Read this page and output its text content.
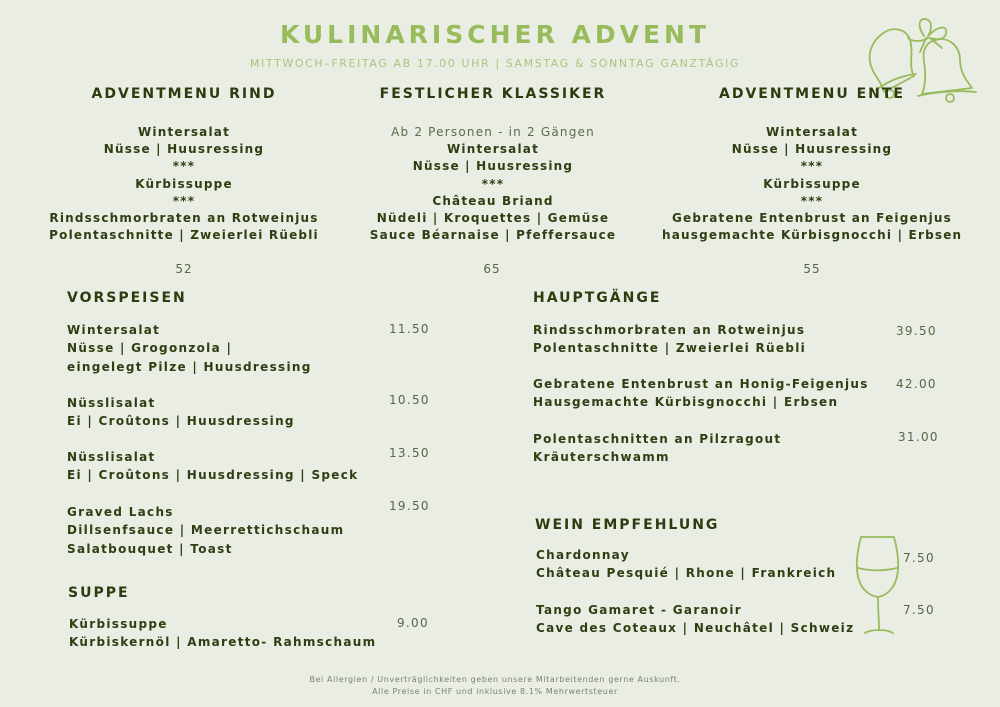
KULINARISCHER ADVENT
MITTWOCH–FREITAG AB 17.00 UHR | SAMSTAG & SONNTAG GANZTÄGIG
ADVENTMENU RIND	FESTLICHER KLASSIKER	ADVENTMENU ENTE
Wintersalat
Nüsse | Huusressing
***
Kürbissuppe
***
Rindsschmorbraten an Rotweinjus
Polentaschnitte | Zweierlei Rüebli
Ab 2 Personen - in 2 Gängen
Wintersalat
Nüsse | Huusressing
***
Château Briand
Nüdeli | Kroquettes | Gemüse
Sauce Béarnaise | Pfeffersauce
Wintersalat
Nüsse | Huusressing
***
Kürbissuppe
***
Gebratene Entenbrust an Feigenjus
hausgemachte Kürbisgnocchi | Erbsen
52	65	55
VORSPEISEN
Wintersalat
Nüsse | Grogonzola |
eingelegt Pilze | Huusdressing
11.50
Nüsslisalat
Ei | Croûtons | Huusdressing
10.50
Nüsslisalat
Ei | Croûtons | Huusdressing | Speck
13.50
Graved Lachs
Dillsenfsauce | Meerrettichschaum
Salatbouquet | Toast
19.50
SUPPE
Kürbissuppe
Kürbiskernöl | Amaretto- Rahmschaum
9.00
HAUPTGÄNGE
Rindsschmorbraten an Rotweinjus
Polentaschnitte | Zweierlei Rüebli
39.50
Gebratene Entenbrust an Honig-Feigenjus
Hausgemachte Kürbisgnocchi | Erbsen
42.00
Polentaschnitten an Pilzragout
Kräuterschwamm
31.00
WEIN EMPFEHLUNG
Chardonnay
Château Pesquié | Rhone | Frankreich
7.50
Tango Gamaret - Garanoir
Cave des Coteaux | Neuchâtel | Schweiz
7.50
Bei Allergien / Unverträglichkeiten geben unsere Mitarbeitenden gerne Auskunft.
Alle Preise in CHF und inklusive 8.1% Mehrwertsteuer
